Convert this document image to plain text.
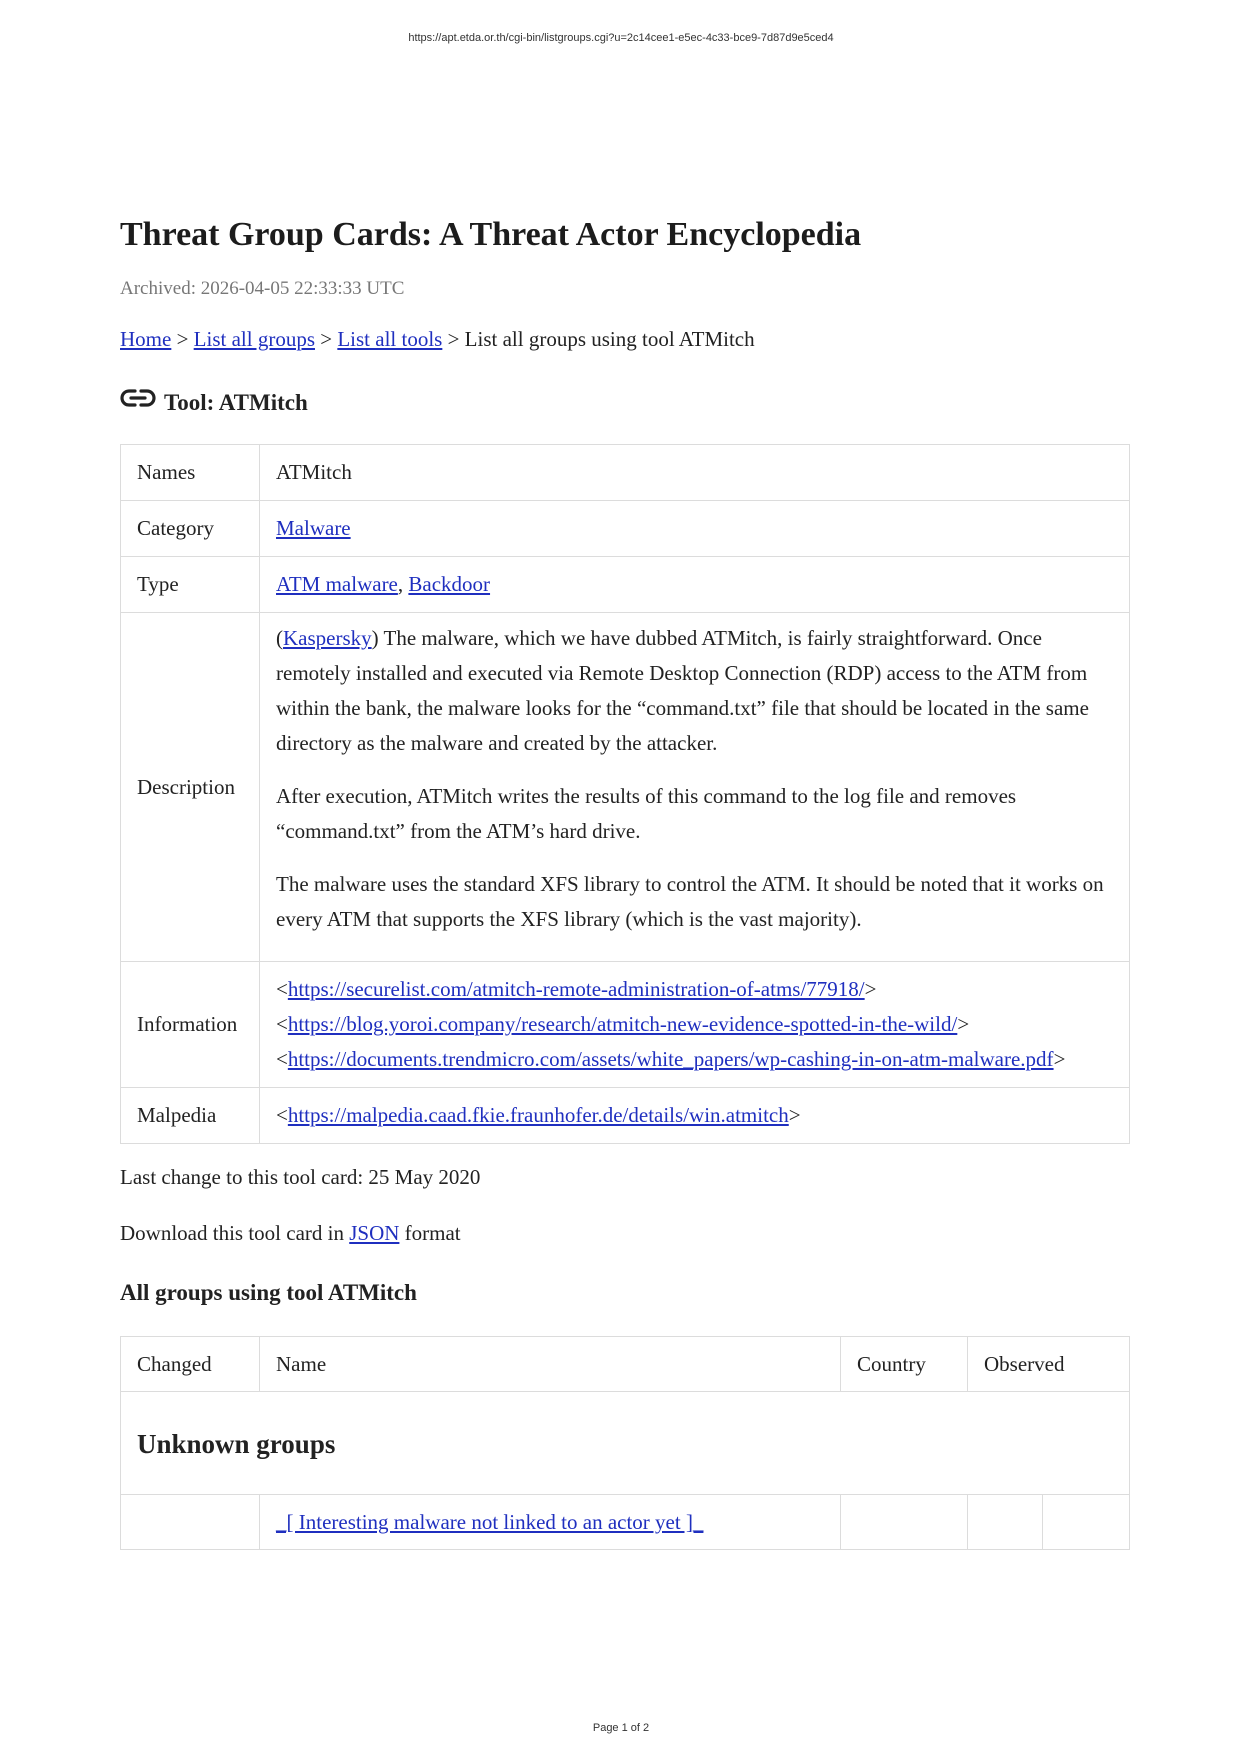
https://apt.etda.or.th/cgi-bin/listgroups.cgi?u=2c14cee1-e5ec-4c33-bce9-7d87d9e5ced4
Threat Group Cards: A Threat Actor Encyclopedia
Archived: 2026-04-05 22:33:33 UTC
Home > List all groups > List all tools > List all groups using tool ATMitch
Tool: ATMitch
Names	ATMitch
Category	Malware
Type	ATM malware, Backdoor
Description	(Kaspersky) The malware, which we have dubbed ATMitch, is fairly straightforward. Once remotely installed and executed via Remote Desktop Connection (RDP) access to the ATM from within the bank, the malware looks for the “command.txt” file that should be located in the same directory as the malware and created by the attacker.

After execution, ATMitch writes the results of this command to the log file and removes “command.txt” from the ATM’s hard drive.

The malware uses the standard XFS library to control the ATM. It should be noted that it works on every ATM that supports the XFS library (which is the vast majority).

Information	<https://securelist.com/atmitch-remote-administration-of-atms/77918/>
<https://blog.yoroi.company/research/atmitch-new-evidence-spotted-in-the-wild/>
<https://documents.trendmicro.com/assets/white_papers/wp-cashing-in-on-atm-malware.pdf>

Malpedia	<https://malpedia.caad.fkie.fraunhofer.de/details/win.atmitch>
Last change to this tool card: 25 May 2020
Download this tool card in JSON format
All groups using tool ATMitch
Changed	Name	Country	Observed	
Unknown groups				
	_[ Interesting malware not linked to an actor yet ]_			
Page 1 of 2
